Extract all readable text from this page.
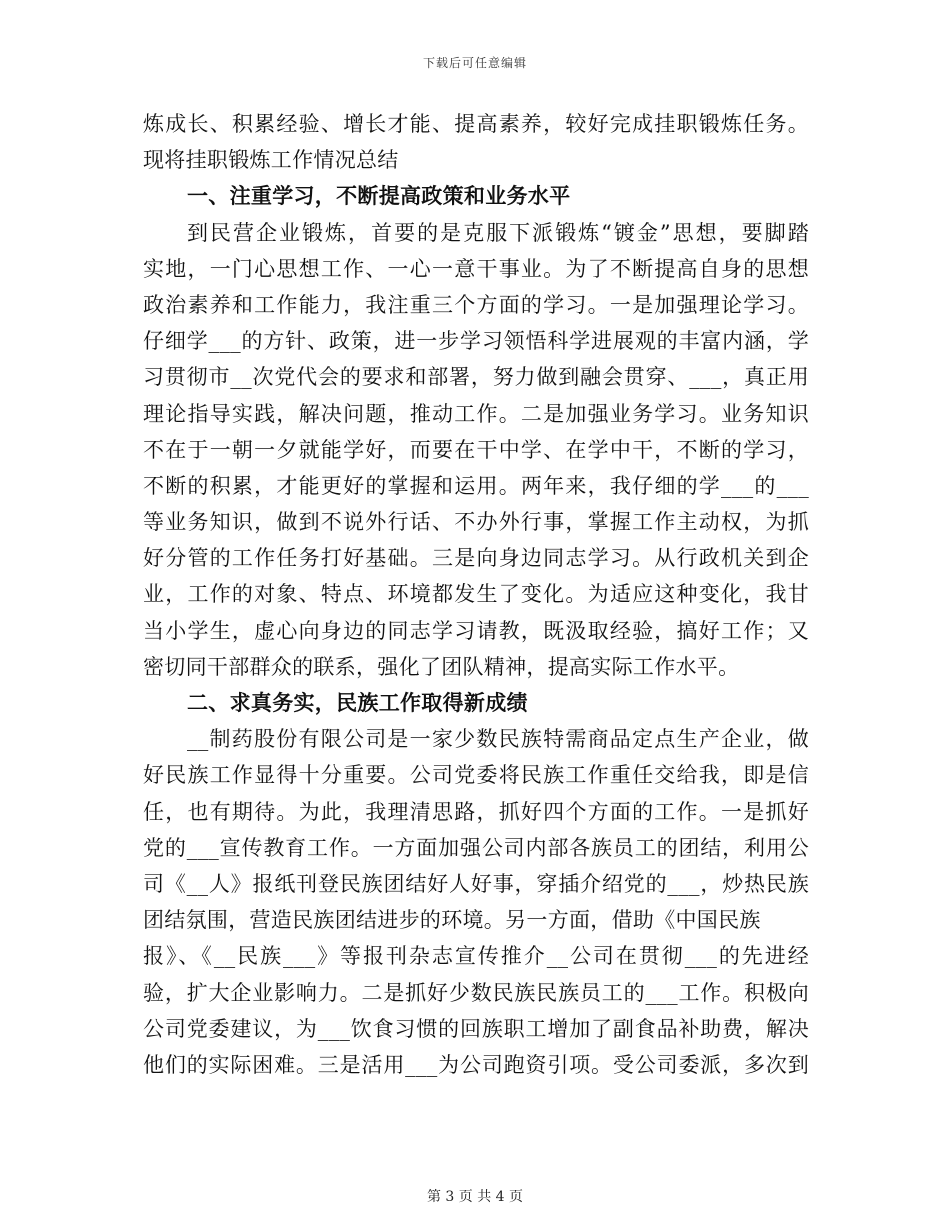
下载后可任意编辑
炼成长、积累经验、增长才能、提高素养，较好完成挂职锻炼任务。
现将挂职锻炼工作情况总结
一、注重学习，不断提高政策和业务水平
到民营企业锻炼，首要的是克服下派锻炼“镀金”思想，要脚踏
实地，一门心思想工作、一心一意干事业。为了不断提高自身的思想
政治素养和工作能力，我注重三个方面的学习。一是加强理论学习。
仔细学___的方针、政策，进一步学习领悟科学进展观的丰富内涵，学
习贯彻市__次党代会的要求和部署，努力做到融会贯穿、___，真正用
理论指导实践，解决问题，推动工作。二是加强业务学习。业务知识
不在于一朝一夕就能学好，而要在干中学、在学中干，不断的学习，
不断的积累，才能更好的掌握和运用。两年来，我仔细的学___的___
等业务知识，做到不说外行话、不办外行事，掌握工作主动权，为抓
好分管的工作任务打好基础。三是向身边同志学习。从行政机关到企
业，工作的对象、特点、环境都发生了变化。为适应这种变化，我甘
当小学生，虚心向身边的同志学习请教，既汲取经验，搞好工作；又
密切同干部群众的联系，强化了团队精神，提高实际工作水平。
二、求真务实，民族工作取得新成绩
__制药股份有限公司是一家少数民族特需商品定点生产企业，做
好民族工作显得十分重要。公司党委将民族工作重任交给我，即是信
任，也有期待。为此，我理清思路，抓好四个方面的工作。一是抓好
党的___宣传教育工作。一方面加强公司内部各族员工的团结，利用公
司《__人》报纸刊登民族团结好人好事，穿插介绍党的___，炒热民族
团结氛围，营造民族团结进步的环境。另一方面，借助《中国民族
报》、《__民族___》等报刊杂志宣传推介__公司在贯彻___的先进经
验，扩大企业影响力。二是抓好少数民族民族员工的___工作。积极向
公司党委建议，为___饮食习惯的回族职工增加了副食品补助费，解决
他们的实际困难。三是活用___为公司跑资引项。受公司委派，多次到
第 3 页 共 4 页
